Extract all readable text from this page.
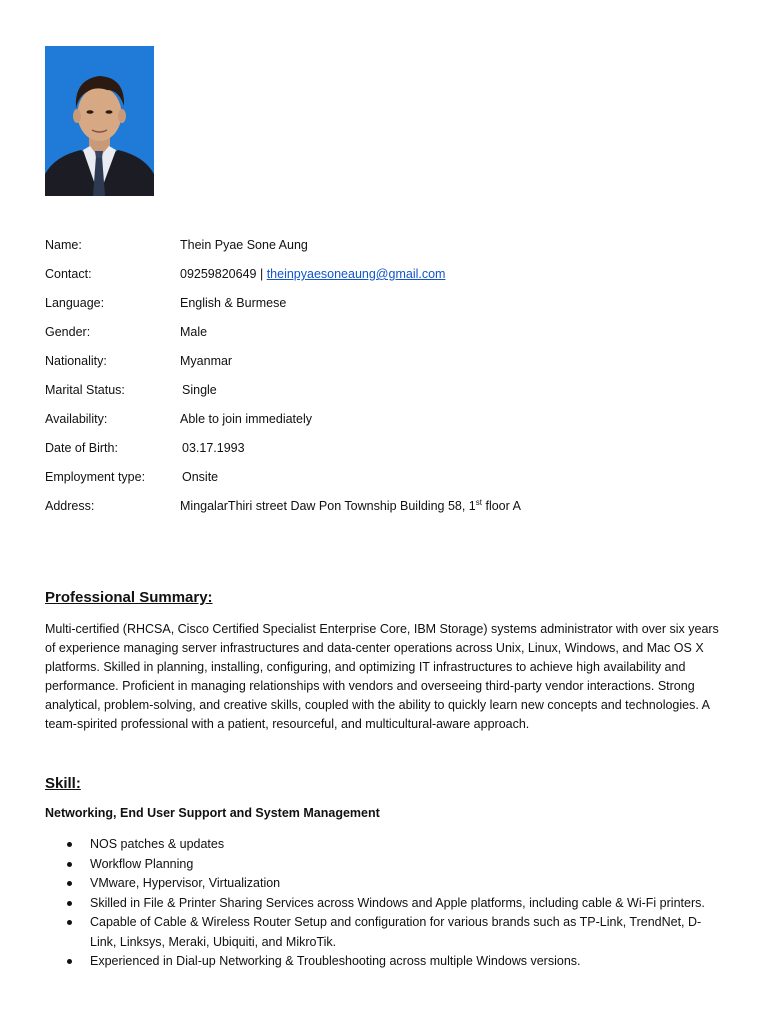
Name:	Thein Pyae Sone Aung
Contact:	09259820649 | theinpyaesoneaung@gmail.com
Language:	English & Burmese
Gender:	Male
Nationality:	Myanmar
Marital Status:	Single
Availability:	Able to join immediately
Date of Birth:	03.17.1993
Employment type:	Onsite
Address:	MingalarThiri street Daw Pon Township Building 58, 1st floor A
Professional Summary:

Multi-certified (RHCSA, Cisco Certified Specialist Enterprise Core, IBM Storage) systems administrator with over six years of experience managing server infrastructures and data-center operations across Unix, Linux, Windows, and Mac OS X platforms. Skilled in planning, installing, configuring, and optimizing IT infrastructures to achieve high availability and performance. Proficient in managing relationships with vendors and overseeing third-party vendor interactions. Strong analytical, problem-solving, and creative skills, coupled with the ability to quickly learn new concepts and technologies. A team-spirited professional with a patient, resourceful, and multicultural-aware approach.

Skill:

Networking, End User Support and System Management

NOS patches & updates
Workflow Planning
VMware, Hypervisor, Virtualization
Skilled in File & Printer Sharing Services across Windows and Apple platforms, including cable & Wi-Fi printers.
Capable of Cable & Wireless Router Setup and configuration for various brands such as TP-Link, TrendNet, D-Link, Linksys, Meraki, Ubiquiti, and MikroTik.
Experienced in Dial-up Networking & Troubleshooting across multiple Windows versions.
